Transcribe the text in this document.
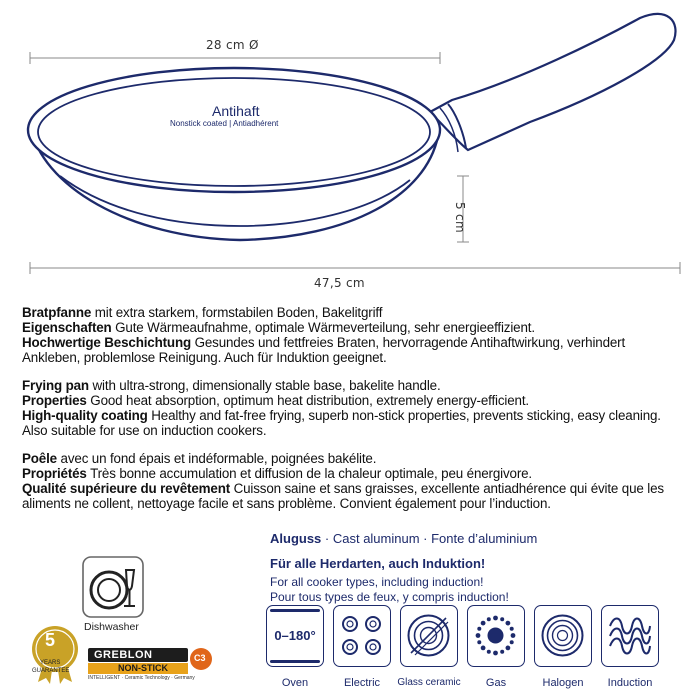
28 cm Ø
5 cm
47,5 cm
Antihaft
Nonstick coated | Antiadhérent

Bratpfanne mit extra starkem, formstabilen Boden, Bakelitgriff

Eigenschaften Gute Wärmeaufnahme, optimale Wärmeverteilung, sehr energieeffizient.

Hochwertige Beschichtung Gesundes und fettfreies Braten, hervorragende Antihaftwirkung, verhindert Ankleben, problemlose Reinigung. Auch für Induktion geeignet.

Frying pan with ultra-strong, dimensionally stable base, bakelite handle.

Properties Good heat absorption, optimum heat distribution, extremely energy-efficient.

High-quality coating Healthy and fat-free frying, superb non-stick properties, prevents sticking, easy cleaning. Also suitable for use on induction cookers.

Poêle avec un fond épais et indéformable, poignées bakélite.

Propriétés Très bonne accumulation et diffusion de la chaleur optimale, peu énergivore.

Qualité supérieure du revêtement Cuisson saine et sans graisses, excellente antiadhérence qui évite que les aliments ne collent, nettoyage facile et sans problème. Convient également pour l’induction.

Dishwasher
5
YEARS
GUARANTEE
GREBLON
NON-STICK
C3
INTELLIGENT · Ceramic Technology · Germany
Aluguss · Cast aluminum · Fonte d’aluminium
Für alle Herdarten, auch Induktion!
For all cooker types, including induction!
Pour tous types de feux, y compris induction!
0–180°
Oven	Electric	Glass ceramic	Gas	Halogen	Induction
